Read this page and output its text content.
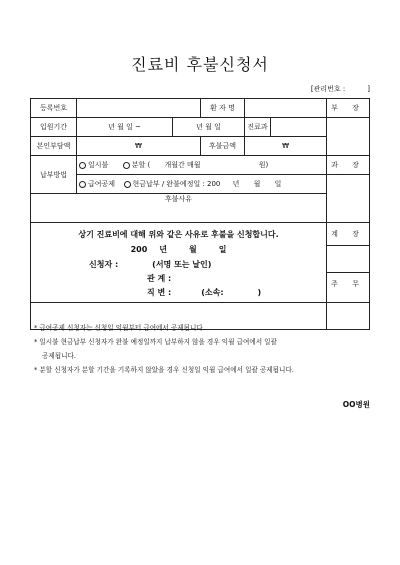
진료비 후불신청서
[관리번호 :	]
등록번호			환 자 명			부 장
입원기간	년 월 일 ~	년 월 일		진료과		
본인부담액	₩		후불금액	₩		
납부방법	일시불 분할 ( 개월간 매월 원)					과 장
	급여공제 현금납부 / 완불예정일 : 200 년 월 일					
후불사유						

상기 진료비에 대해 위와 같은 사유로 후불을 신청합니다.
200 년 월 일
신청자 : (서명 또는 날인)
관 계 :
직 변 : (소속: )						계 장

						주 무

* 급여공제 신청자는 신청일 익월부터 급여에서 공제됩니다.

* 일시불 현금납부 신청자가 완불 예정일까지 납부하지 않을 경우 익월 급여에서 일괄

공제됩니다.

* 분할 신청자가 분할 기간을 기록하지 않았을 경우 신청일 익월 급여에서 일괄 공제됩니다.

OO병원
